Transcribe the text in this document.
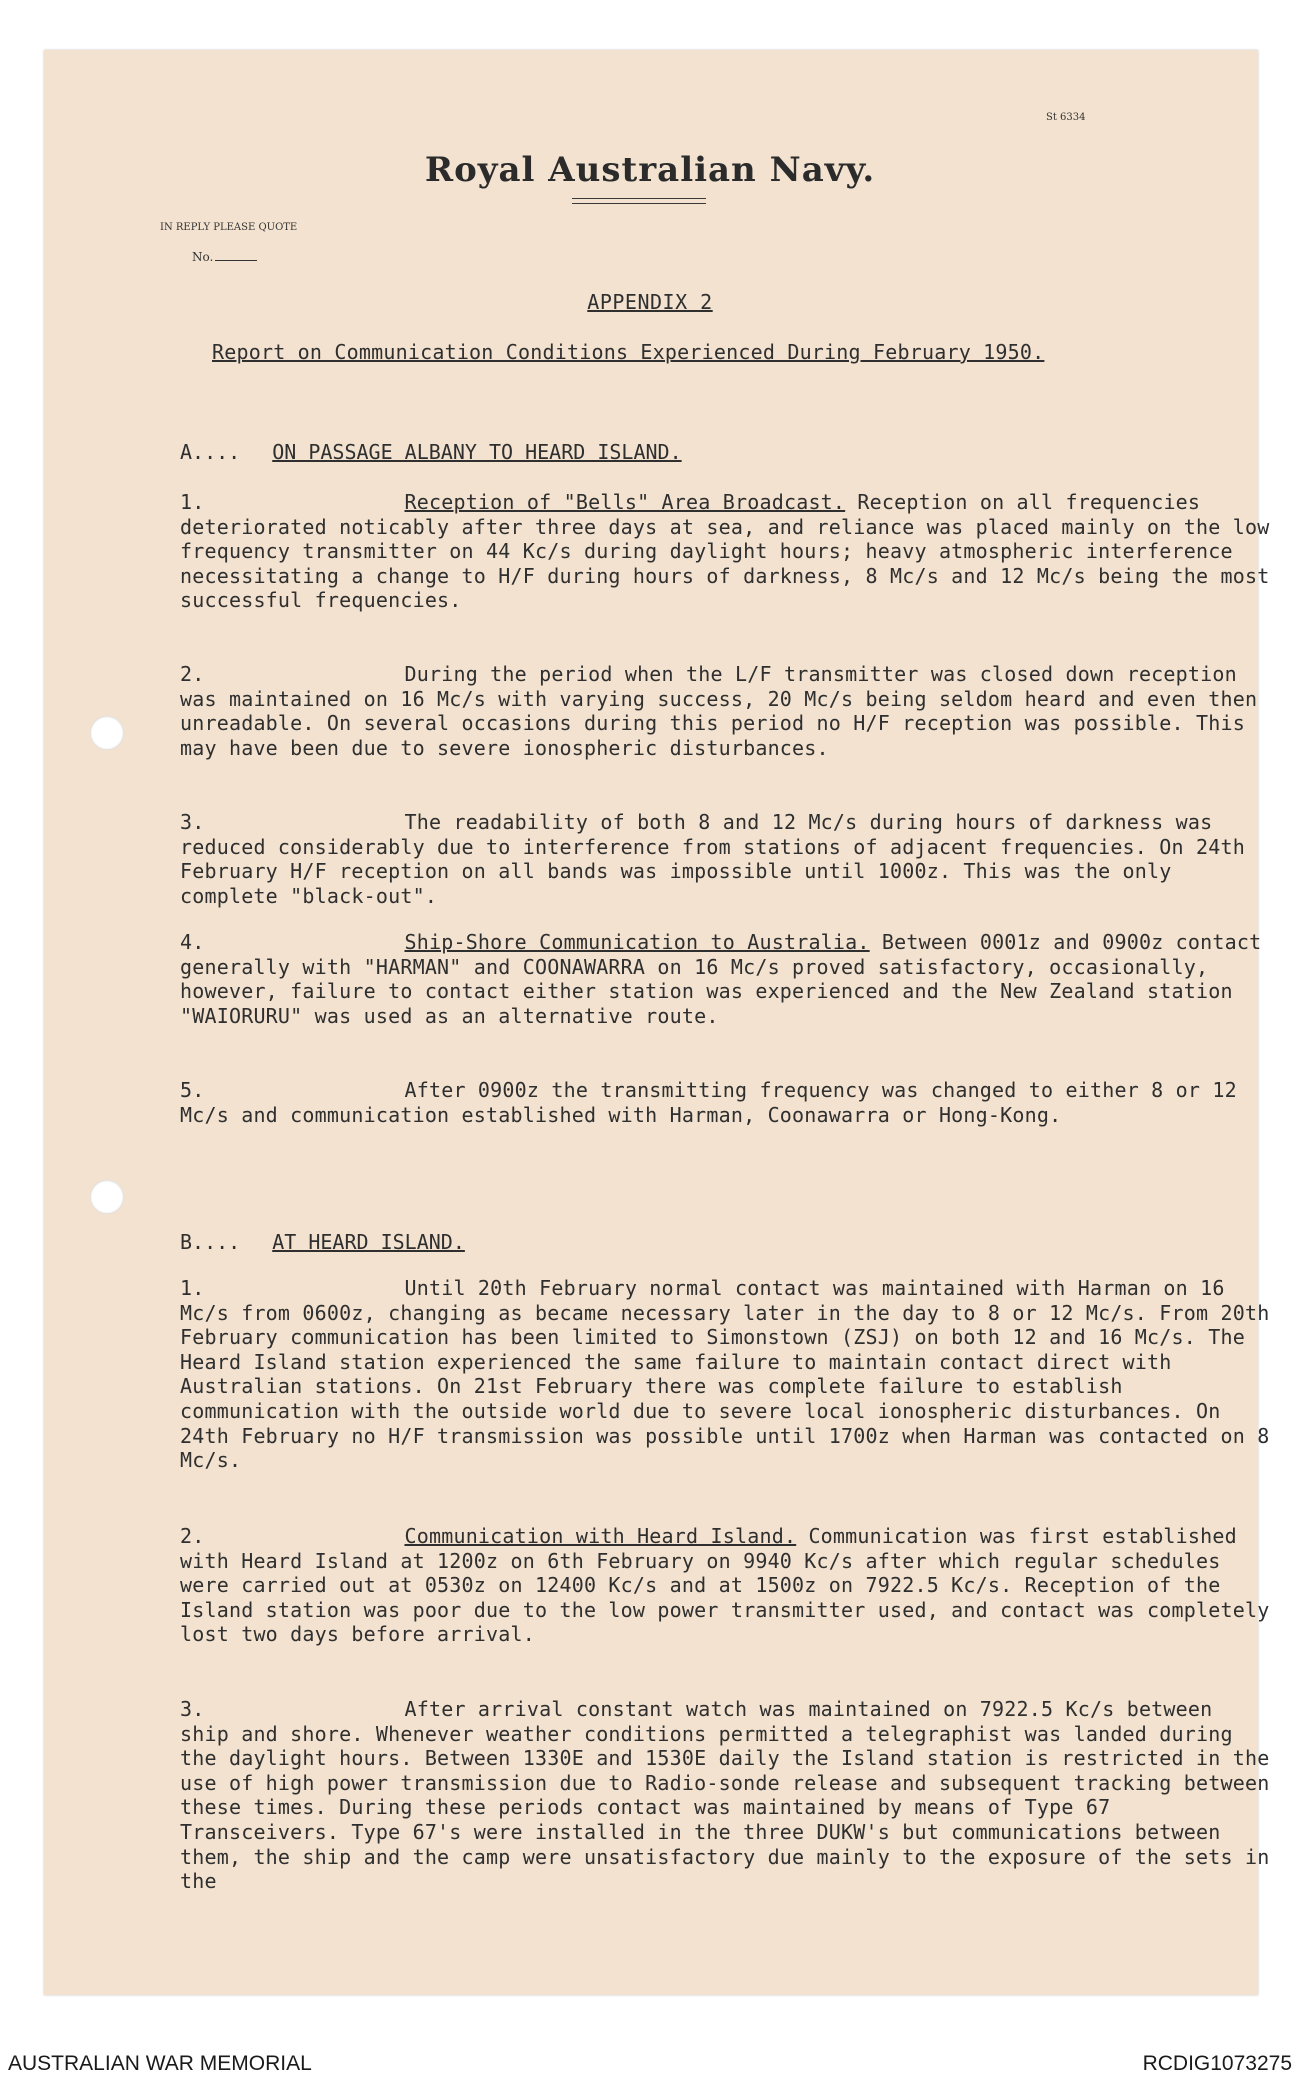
St 6334
Royal Australian Navy.
IN REPLY PLEASE QUOTE
No.
APPENDIX 2
Report on Communication Conditions Experienced During February 1950.
A.... ON PASSAGE ALBANY TO HEARD ISLAND.

1.	Reception of "Bells" Area Broadcast. Reception on all frequencies deteriorated noticably after three days at sea, and reliance was placed mainly on the low frequency transmitter on 44 Kc/s during daylight hours; heavy atmospheric interference necessitating a change to H/F during hours of darkness, 8 Mc/s and 12 Mc/s being the most successful frequencies.

2.	During the period when the L/F transmitter was closed down reception was maintained on 16 Mc/s with varying success, 20 Mc/s being seldom heard and even then unreadable. On several occasions during this period no H/F reception was possible. This may have been due to severe ionospheric disturbances.

3.	The readability of both 8 and 12 Mc/s during hours of darkness was reduced considerably due to interference from stations of adjacent frequencies. On 24th February H/F reception on all bands was impossible until 1000z. This was the only complete "black-out".

4.	Ship-Shore Communication to Australia. Between 0001z and 0900z contact generally with "HARMAN" and COONAWARRA on 16 Mc/s proved satisfactory, occasionally, however, failure to contact either station was experienced and the New Zealand station "WAIORURU" was used as an alternative route.

5.	After 0900z the transmitting frequency was changed to either 8 or 12 Mc/s and communication established with Harman, Coonawarra or Hong-Kong.

B.... AT HEARD ISLAND.

1.	Until 20th February normal contact was maintained with Harman on 16 Mc/s from 0600z, changing as became necessary later in the day to 8 or 12 Mc/s. From 20th February communication has been limited to Simonstown (ZSJ) on both 12 and 16 Mc/s. The Heard Island station experienced the same failure to maintain contact direct with Australian stations. On 21st February there was complete failure to establish communication with the outside world due to severe local ionospheric disturbances. On 24th February no H/F transmission was possible until 1700z when Harman was contacted on 8 Mc/s.

2.	Communication with Heard Island. Communication was first established with Heard Island at 1200z on 6th February on 9940 Kc/s after which regular schedules were carried out at 0530z on 12400 Kc/s and at 1500z on 7922.5 Kc/s. Reception of the Island station was poor due to the low power transmitter used, and contact was completely lost two days before arrival.

3.	After arrival constant watch was maintained on 7922.5 Kc/s between ship and shore. Whenever weather conditions permitted a telegraphist was landed during the daylight hours. Between 1330E and 1530E daily the Island station is restricted in the use of high power transmission due to Radio-sonde release and subsequent tracking between these times. During these periods contact was maintained by means of Type 67 Transceivers. Type 67's were installed in the three DUKW's but communications between them, the ship and the camp were unsatisfactory due mainly to the exposure of the sets in the

AUSTRALIAN WAR MEMORIAL	RCDIG1073275
